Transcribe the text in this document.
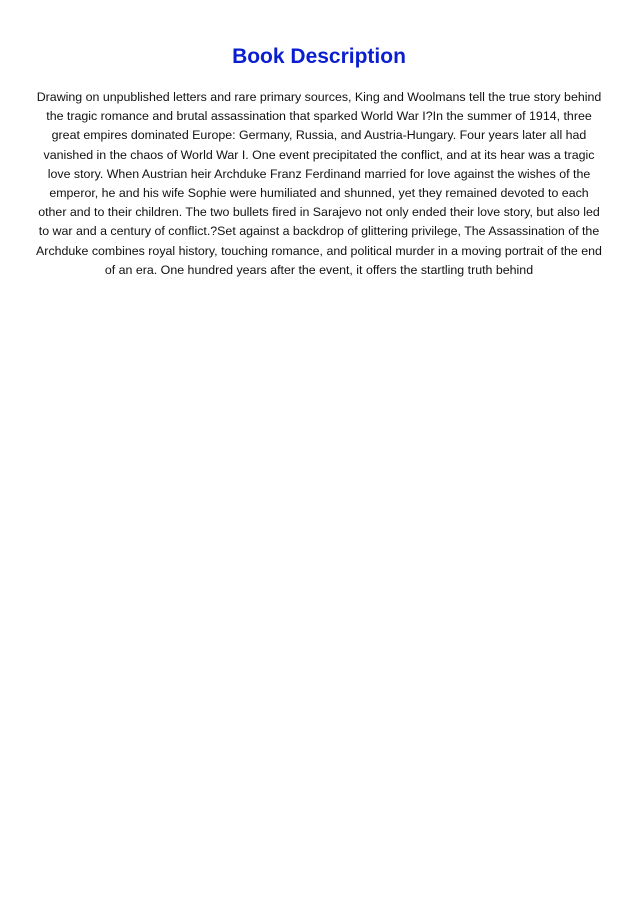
Book Description

Drawing on unpublished letters and rare primary sources, King and Woolmans tell the true story behind the tragic romance and brutal assassination that sparked World War I?In the summer of 1914, three great empires dominated Europe: Germany, Russia, and Austria-Hungary. Four years later all had vanished in the chaos of World War I. One event precipitated the conflict, and at its hear was a tragic love story. When Austrian heir Archduke Franz Ferdinand married for love against the wishes of the emperor, he and his wife Sophie were humiliated and shunned, yet they remained devoted to each other and to their children. The two bullets fired in Sarajevo not only ended their love story, but also led to war and a century of conflict.?Set against a backdrop of glittering privilege, The Assassination of the Archduke combines royal history, touching romance, and political murder in a moving portrait of the end of an era. One hundred years after the event, it offers the startling truth behind
